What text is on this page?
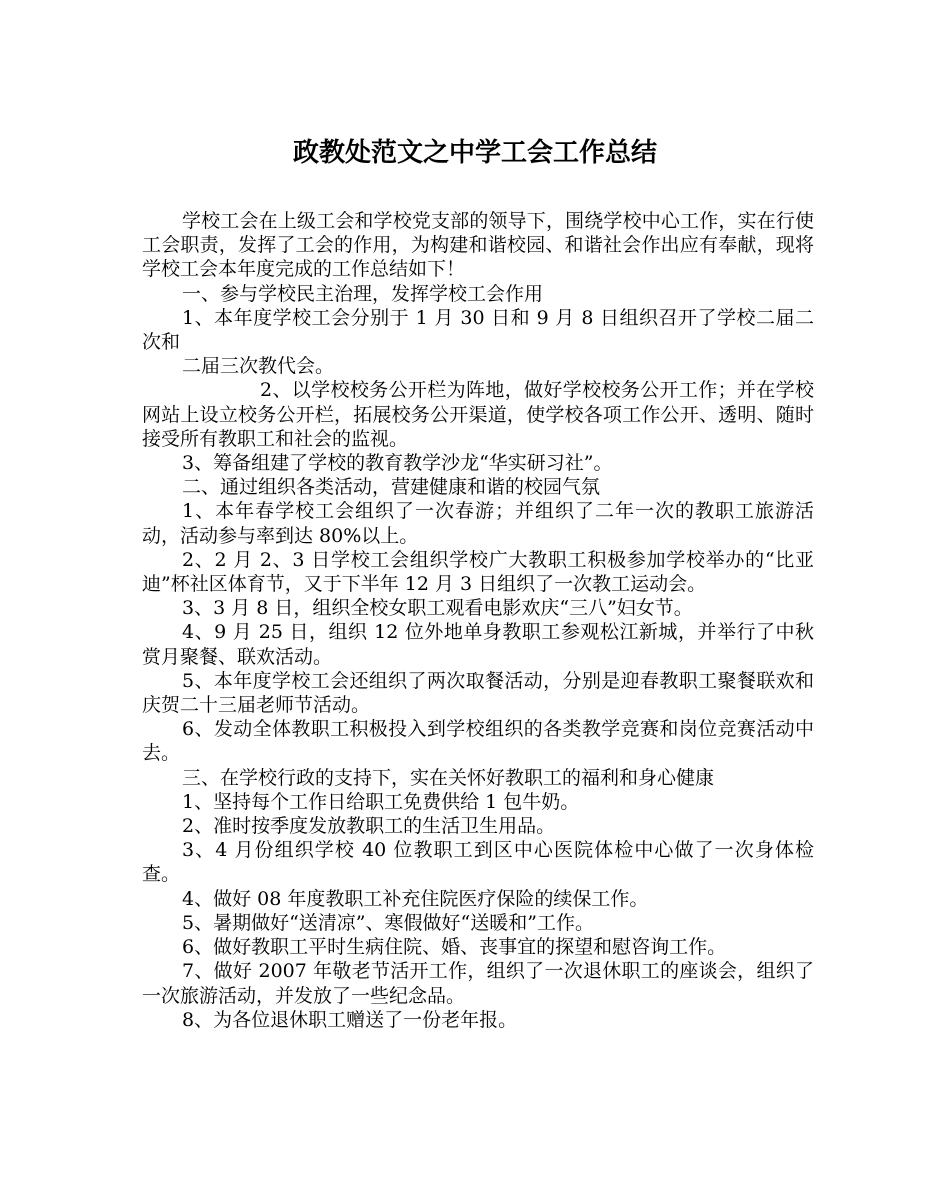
政教处范文之中学工会工作总结

学校工会在上级工会和学校党支部的领导下，围绕学校中心工作，实在行使工会职责，发挥了工会的作用，为构建和谐校园、和谐社会作出应有奉献，现将学校工会本年度完成的工作总结如下！

一、参与学校民主治理，发挥学校工会作用

1、本年度学校工会分别于 1 月 30 日和 9 月 8 日组织召开了学校二届二次和

二届三次教代会。

2、以学校校务公开栏为阵地，做好学校校务公开工作；并在学校网站上设立校务公开栏，拓展校务公开渠道，使学校各项工作公开、透明、随时接受所有教职工和社会的监视。

3、筹备组建了学校的教育教学沙龙“华实研习社”。

二、通过组织各类活动，营建健康和谐的校园气氛

1、本年春学校工会组织了一次春游；并组织了二年一次的教职工旅游活动，活动参与率到达 80%以上。

2、2 月 2、3 日学校工会组织学校广大教职工积极参加学校举办的“比亚迪”杯社区体育节，又于下半年 12 月 3 日组织了一次教工运动会。

3、3 月 8 日，组织全校女职工观看电影欢庆“三八”妇女节。

4、9 月 25 日，组织 12 位外地单身教职工参观松江新城，并举行了中秋赏月聚餐、联欢活动。

5、本年度学校工会还组织了两次取餐活动，分别是迎春教职工聚餐联欢和庆贺二十三届老师节活动。

6、发动全体教职工积极投入到学校组织的各类教学竞赛和岗位竞赛活动中去。

三、在学校行政的支持下，实在关怀好教职工的福利和身心健康

1、坚持每个工作日给职工免费供给 1 包牛奶。

2、准时按季度发放教职工的生活卫生用品。

3、4 月份组织学校 40 位教职工到区中心医院体检中心做了一次身体检查。

4、做好 08 年度教职工补充住院医疗保险的续保工作。

5、暑期做好“送清凉”、寒假做好“送暖和”工作。

6、做好教职工平时生病住院、婚、丧事宜的探望和慰咨询工作。

7、做好 2007 年敬老节活开工作，组织了一次退休职工的座谈会，组织了一次旅游活动，并发放了一些纪念品。

8、为各位退休职工赠送了一份老年报。
